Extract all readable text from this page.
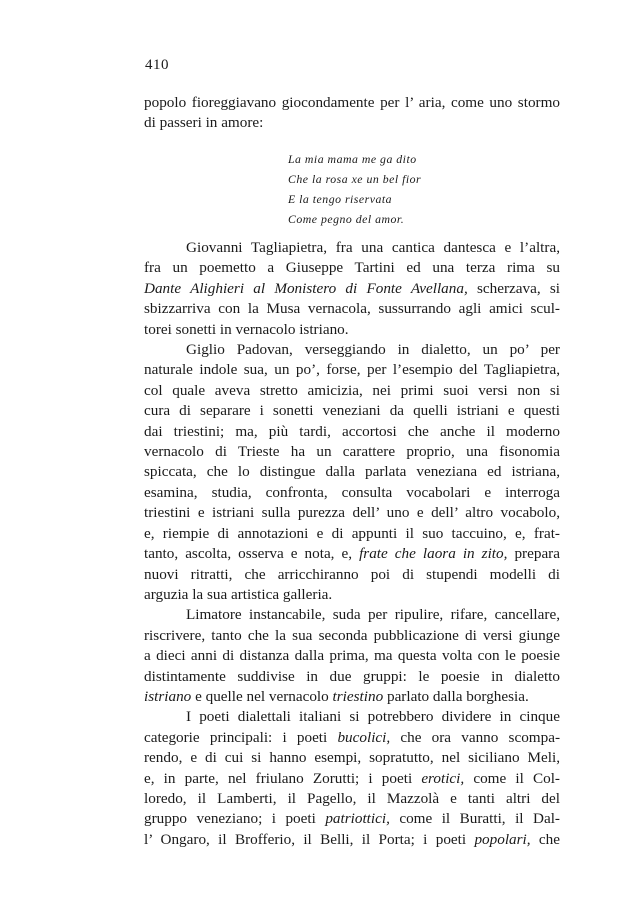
410
popolo fioreggiavano giocondamente per l’ aria, come uno stormo
di passeri in amore:
La mia mama me ga dito
Che la rosa xe un bel fior
E la tengo riservata
Come pegno del amor.
Giovanni Tagliapietra, fra una cantica dantesca e l’altra,
fra un poemetto a Giuseppe Tartini ed una terza rima su
Dante Alighieri al Monistero di Fonte Avellana, scherzava, si
sbizzarriva con la Musa vernacola, sussurrando agli amici scul-
torei sonetti in vernacolo istriano.
Giglio Padovan, verseggiando in dialetto, un po’ per
naturale indole sua, un po’, forse, per l’esempio del Tagliapietra,
col quale aveva stretto amicizia, nei primi suoi versi non si
cura di separare i sonetti veneziani da quelli istriani e questi
dai triestini; ma, più tardi, accortosi che anche il moderno
vernacolo di Trieste ha un carattere proprio, una fisonomia
spiccata, che lo distingue dalla parlata veneziana ed istriana,
esamina, studia, confronta, consulta vocabolari e interroga
triestini e istriani sulla purezza dell’ uno e dell’ altro vocabolo,
e, riempie di annotazioni e di appunti il suo taccuino, e, frat-
tanto, ascolta, osserva e nota, e, frate che laora in zito, prepara
nuovi ritratti, che arricchiranno poi di stupendi modelli di
arguzia la sua artistica galleria.
Limatore instancabile, suda per ripulire, rifare, cancellare,
riscrivere, tanto che la sua seconda pubblicazione di versi giunge
a dieci anni di distanza dalla prima, ma questa volta con le poesie
distintamente suddivise in due gruppi: le poesie in dialetto
istriano e quelle nel vernacolo triestino parlato dalla borghesia.
I poeti dialettali italiani si potrebbero dividere in cinque
categorie principali: i poeti bucolici, che ora vanno scompa-
rendo, e di cui si hanno esempi, sopratutto, nel siciliano Meli,
e, in parte, nel friulano Zorutti; i poeti erotici, come il Col-
loredo, il Lamberti, il Pagello, il Mazzolà e tanti altri del
gruppo veneziano; i poeti patriottici, come il Buratti, il Dal-
l’ Ongaro, il Brofferio, il Belli, il Porta; i poeti popolari, che
